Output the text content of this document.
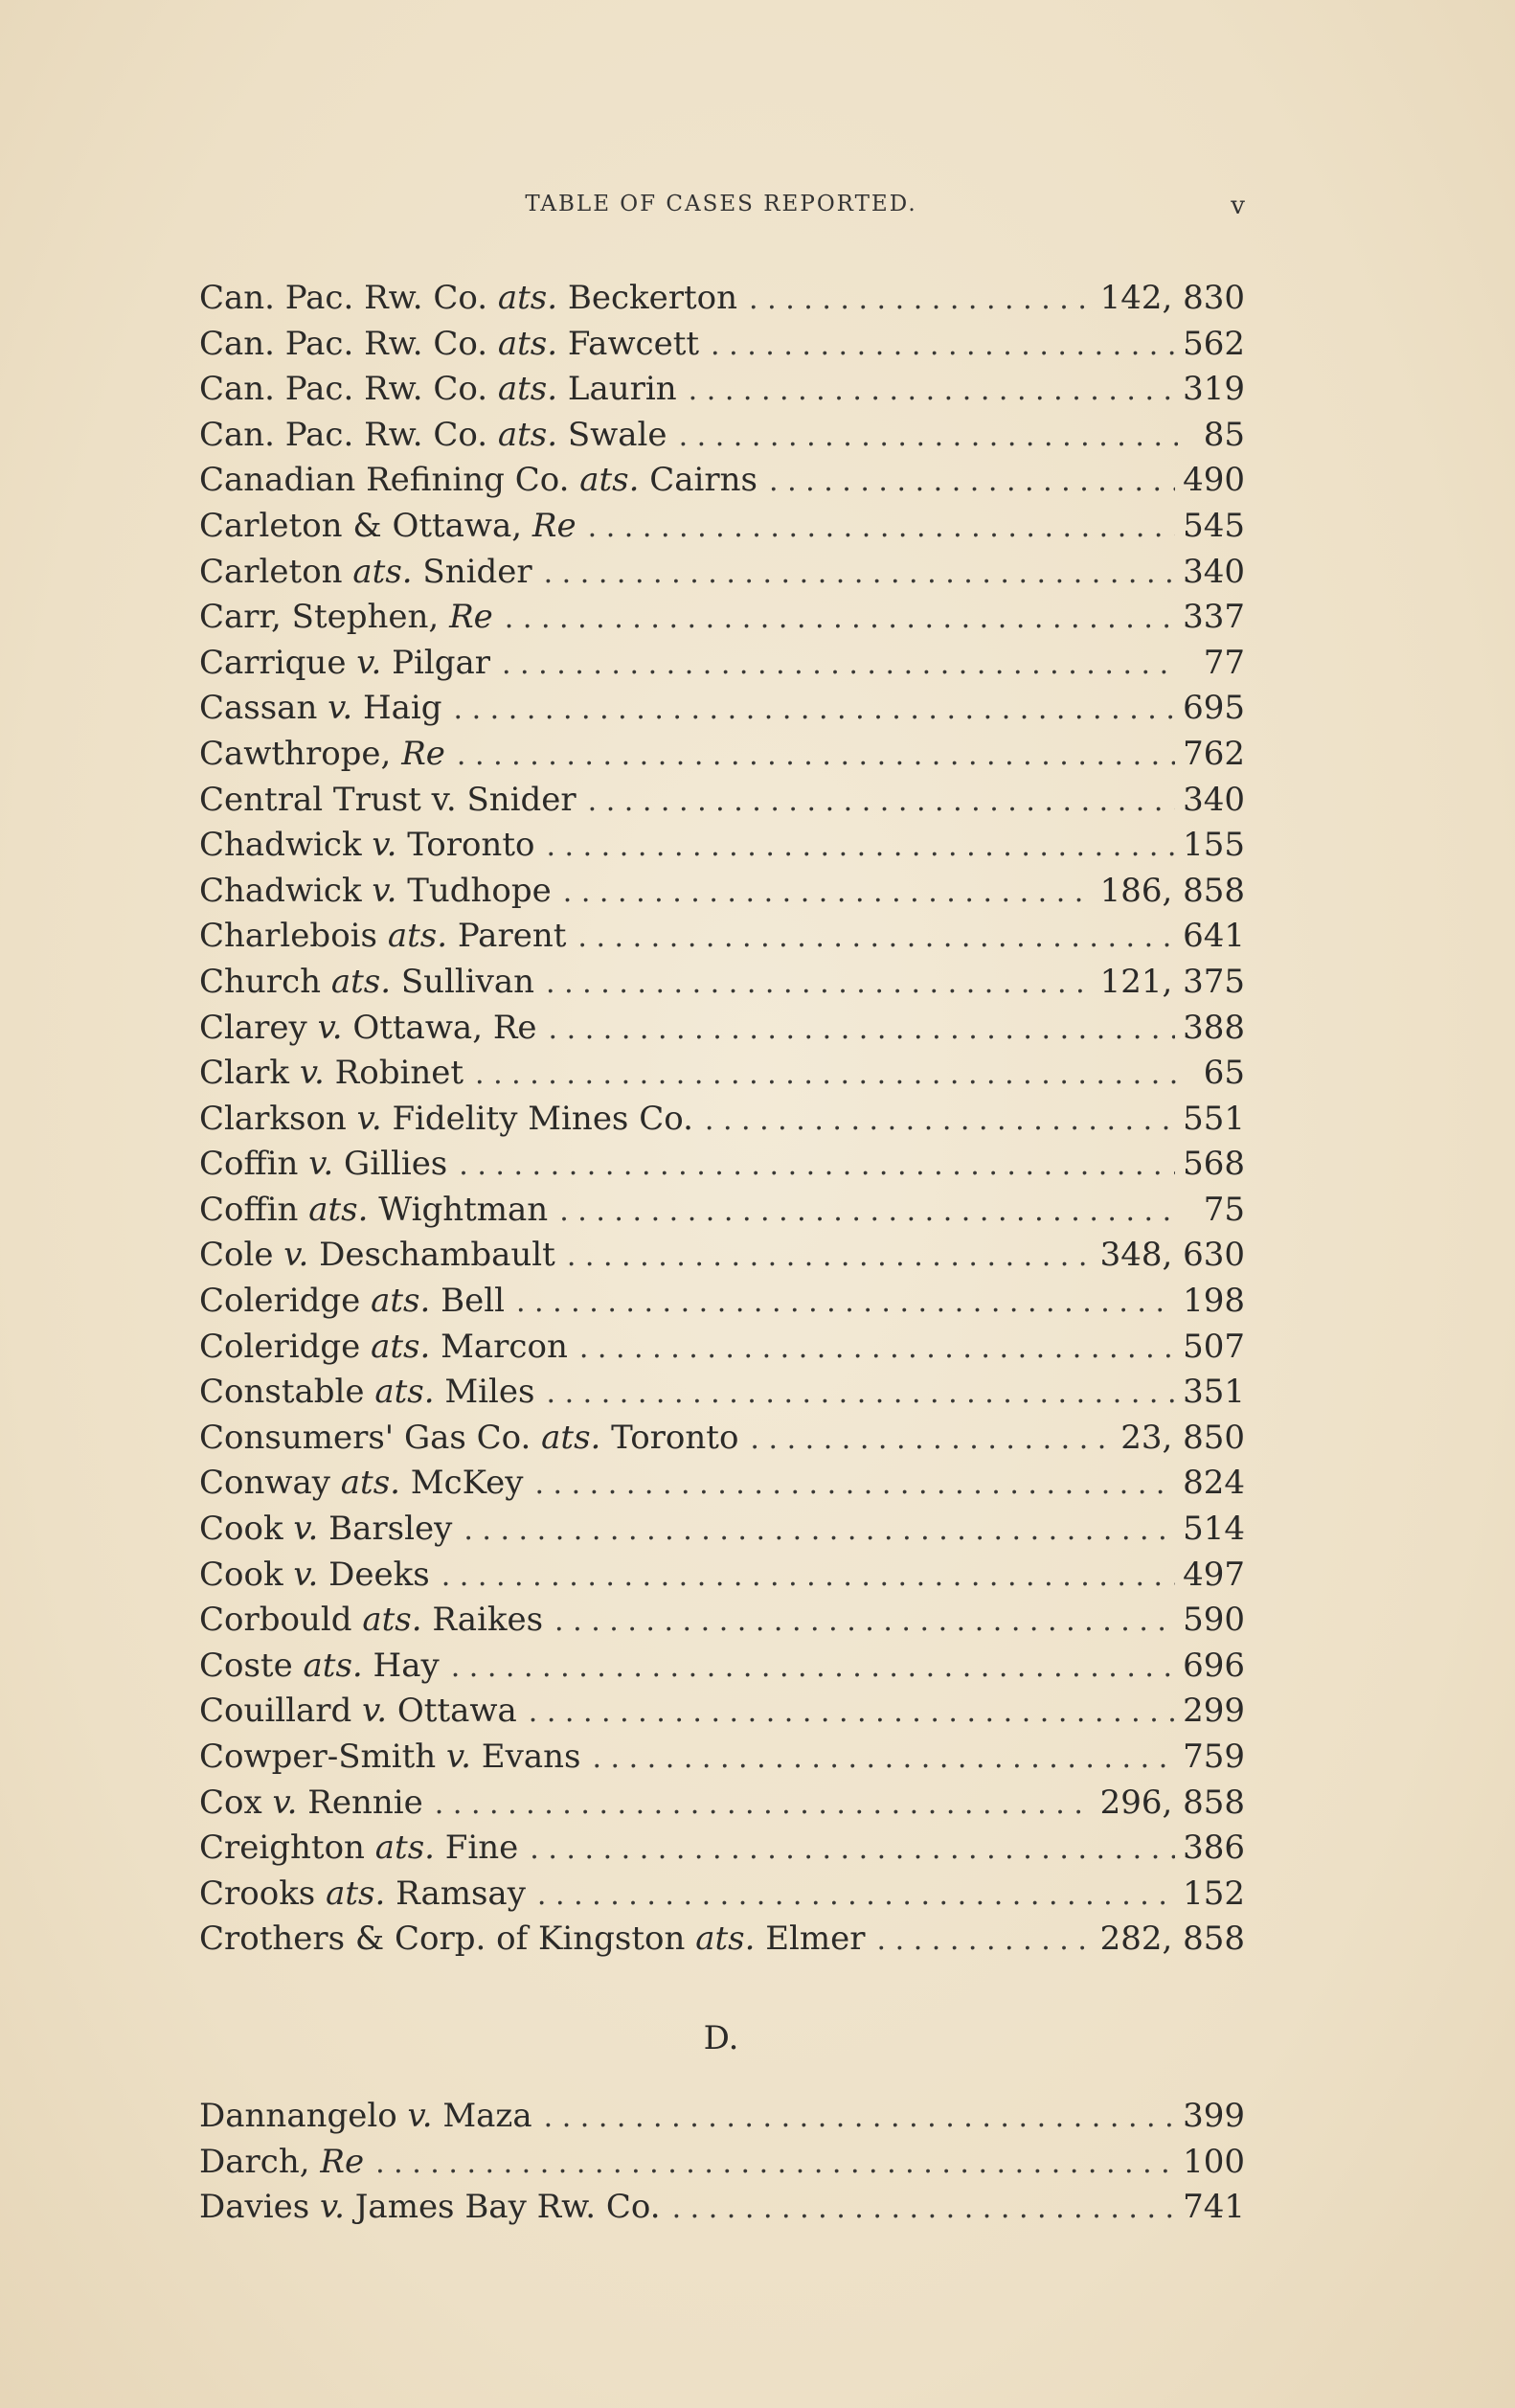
TABLE OF CASES REPORTED.	v
Can. Pac. Rw. Co. ats. Beckerton . . .	142, 830
Can. Pac. Rw. Co. ats. Fawcett . . .	562
Can. Pac. Rw. Co. ats. Laurin . . .	319
Can. Pac. Rw. Co. ats. Swale . . .	85
Canadian Refining Co. ats. Cairns . . .	490
Carleton & Ottawa, Re . . .	545
Carleton ats. Snider . . .	340
Carr, Stephen, Re . . .	337
Carrique v. Pilgar . . .	77
Cassan v. Haig . . .	695
Cawthrope, Re . . .	762
Central Trust v. Snider . . .	340
Chadwick v. Toronto . . .	155
Chadwick v. Tudhope . . .	186, 858
Charlebois ats. Parent . . .	641
Church ats. Sullivan . . .	121, 375
Clarey v. Ottawa, Re . . .	388
Clark v. Robinet . . .	65
Clarkson v. Fidelity Mines Co. . . .	551
Coffin v. Gillies . . .	568
Coffin ats. Wightman . . .	75
Cole v. Deschambault . . .	348, 630
Coleridge ats. Bell . . .	198
Coleridge ats. Marcon . . .	507
Constable ats. Miles . . .	351
Consumers' Gas Co. ats. Toronto . . .	23, 850
Conway ats. McKey . . .	824
Cook v. Barsley . . .	514
Cook v. Deeks . . .	497
Corbould ats. Raikes . . .	590
Coste ats. Hay . . .	696
Couillard v. Ottawa . . .	299
Cowper-Smith v. Evans . . .	759
Cox v. Rennie . . .	296, 858
Creighton ats. Fine . . .	386
Crooks ats. Ramsay . . .	152
Crothers & Corp. of Kingston ats. Elmer . . .	282, 858
D.
Dannangelo v. Maza . . .	399
Darch, Re . . .	100
Davies v. James Bay Rw. Co. . . .	741
